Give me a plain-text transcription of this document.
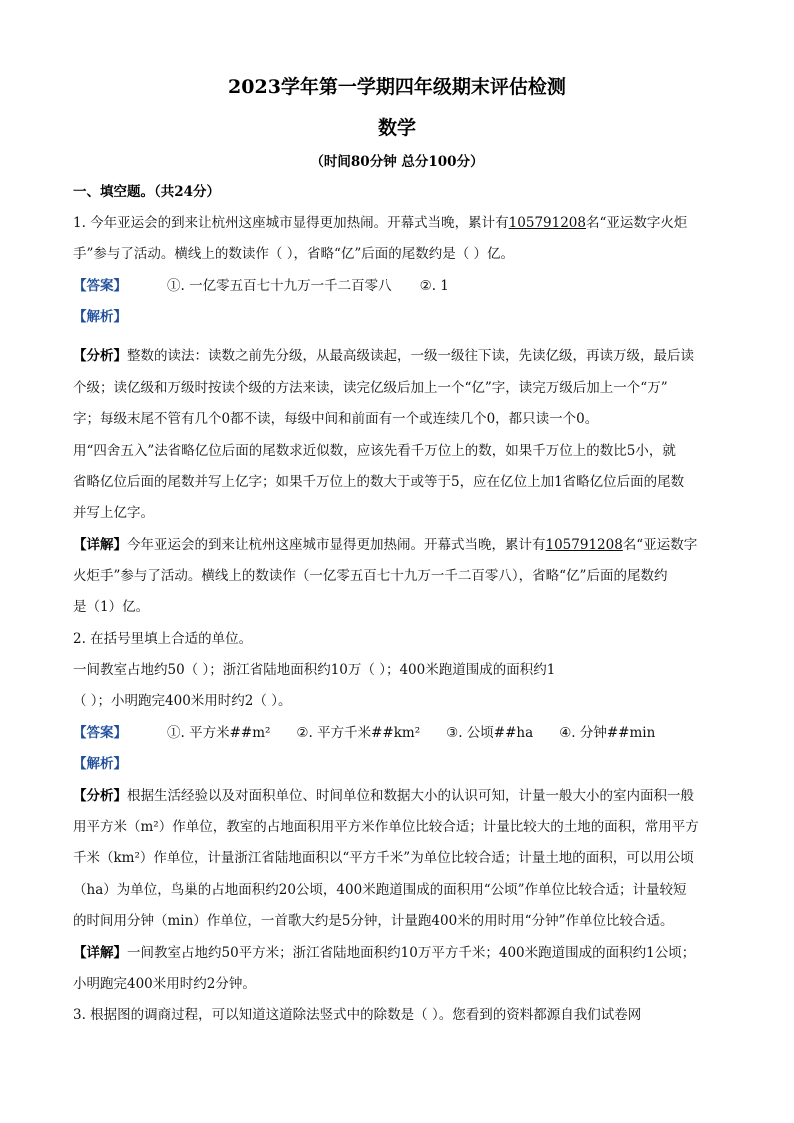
2023学年第一学期四年级期末评估检测
数学
（时间80分钟 总分100分）
一、填空题。（共24分）
1. 今年亚运会的到来让杭州这座城市显得更加热闹。开幕式当晚，累计有105791208名“亚运数字火炬
手”参与了活动。横线上的数读作（ ），省略“亿”后面的尾数约是（ ）亿。
【答案】	①. 一亿零五百七十九万一千二百零八 ②. 1
【解析】
【分析】整数的读法：读数之前先分级，从最高级读起，一级一级往下读，先读亿级，再读万级，最后读
个级；读亿级和万级时按读个级的方法来读，读完亿级后加上一个“亿”字，读完万级后加上一个“万”
字；每级末尾不管有几个0都不读，每级中间和前面有一个或连续几个0，都只读一个0。
用“四舍五入”法省略亿位后面的尾数求近似数，应该先看千万位上的数，如果千万位上的数比5小，就
省略亿位后面的尾数并写上亿字；如果千万位上的数大于或等于5，应在亿位上加1省略亿位后面的尾数
并写上亿字。
【详解】今年亚运会的到来让杭州这座城市显得更加热闹。开幕式当晚，累计有105791208名“亚运数字
火炬手”参与了活动。横线上的数读作（一亿零五百七十九万一千二百零八），省略“亿”后面的尾数约
是（1）亿。
2. 在括号里填上合适的单位。
一间教室占地约50（ ）；浙江省陆地面积约10万（ ）；400米跑道围成的面积约1
（ ）；小明跑完400米用时约2（ ）。
【答案】	①. 平方米##m² ②. 平方千米##km² ③. 公顷##ha ④. 分钟##min
【解析】
【分析】根据生活经验以及对面积单位、时间单位和数据大小的认识可知，计量一般大小的室内面积一般
用平方米（m²）作单位，教室的占地面积用平方米作单位比较合适；计量比较大的土地的面积，常用平方
千米（km²）作单位，计量浙江省陆地面积以“平方千米”为单位比较合适；计量土地的面积，可以用公顷
（ha）为单位，鸟巢的占地面积约20公顷，400米跑道围成的面积用“公顷”作单位比较合适；计量较短
的时间用分钟（min）作单位，一首歌大约是5分钟，计量跑400米的用时用“分钟”作单位比较合适。
【详解】一间教室占地约50平方米；浙江省陆地面积约10万平方千米；400米跑道围成的面积约1公顷；
小明跑完400米用时约2分钟。
3. 根据图的调商过程，可以知道这道除法竖式中的除数是（ ）。您看到的资料都源自我们试卷网
